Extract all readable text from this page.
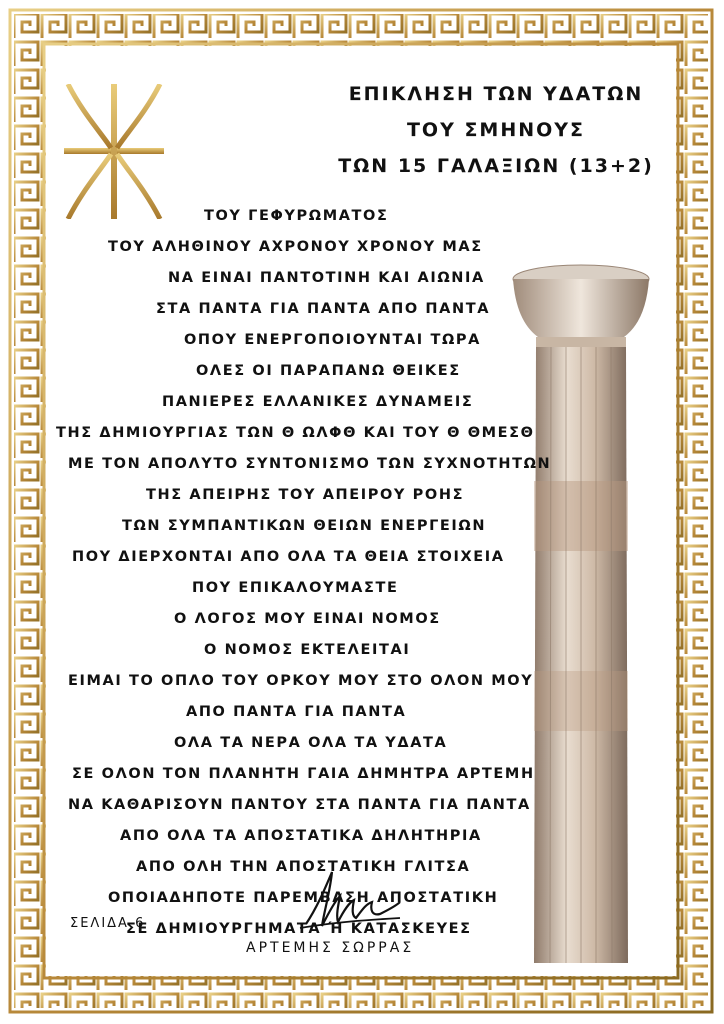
ΕΠΙΚΛΗΣΗ ΤΩΝ ΥΔΑΤΩΝ
ΤΟΥ ΣΜΗΝΟΥΣ
ΤΩΝ 15 ΓΑΛΑΞΙΩΝ (13+2)
ΤΟΥ ΓΕΦΥΡΩΜΑΤΟΣ
ΤΟΥ ΑΛΗΘΙΝΟΥ ΑΧΡΟΝΟΥ ΧΡΟΝΟΥ ΜΑΣ
ΝΑ ΕΙΝΑΙ ΠΑΝΤΟΤΙΝΗ ΚΑΙ ΑΙΩΝΙΑ
ΣΤΑ ΠΑΝΤΑ ΓΙΑ ΠΑΝΤΑ ΑΠΟ ΠΑΝΤΑ
ΟΠΟΥ ΕΝΕΡΓΟΠΟΙΟΥΝΤΑΙ ΤΩΡΑ
ΟΛΕΣ ΟΙ ΠΑΡΑΠΑΝΩ ΘΕΙΚΕΣ
ΠΑΝΙΕΡΕΣ ΕΛΛΑΝΙΚΕΣ ΔΥΝΑΜΕΙΣ
ΤΗΣ ΔΗΜΙΟΥΡΓΙΑΣ ΤΩΝ Θ ΩΛΦΘ ΚΑΙ ΤΟΥ Θ ΘΜΕΣΘ
ΜΕ ΤΟΝ ΑΠΟΛΥΤΟ ΣΥΝΤΟΝΙΣΜΟ ΤΩΝ ΣΥΧΝΟΤΗΤΩΝ
ΤΗΣ ΑΠΕΙΡΗΣ ΤΟΥ ΑΠΕΙΡΟΥ ΡΟΗΣ
ΤΩΝ ΣΥΜΠΑΝΤΙΚΩΝ ΘΕΙΩΝ ΕΝΕΡΓΕΙΩΝ
ΠΟΥ ΔΙΕΡΧΟΝΤΑΙ ΑΠΟ ΟΛΑ ΤΑ ΘΕΙΑ ΣΤΟΙΧΕΙΑ
ΠΟΥ ΕΠΙΚΑΛΟΥΜΑΣΤΕ
Ο ΛΟΓΟΣ ΜΟΥ ΕΙΝΑΙ ΝΟΜΟΣ
Ο ΝΟΜΟΣ ΕΚΤΕΛΕΙΤΑΙ
ΕΙΜΑΙ ΤΟ ΟΠΛΟ ΤΟΥ ΟΡΚΟΥ ΜΟΥ ΣΤΟ ΟΛΟΝ ΜΟΥ
ΑΠΟ ΠΑΝΤΑ ΓΙΑ ΠΑΝΤΑ
ΟΛΑ ΤΑ ΝΕΡΑ ΟΛΑ ΤΑ ΥΔΑΤΑ
ΣΕ ΟΛΟΝ ΤΟΝ ΠΛΑΝΗΤΗ ΓΑΙΑ ΔΗΜΗΤΡΑ ΑΡΤΕΜΗ
ΝΑ ΚΑΘΑΡΙΣΟΥΝ ΠΑΝΤΟΥ ΣΤΑ ΠΑΝΤΑ ΓΙΑ ΠΑΝΤΑ
ΑΠΟ ΟΛΑ ΤΑ ΑΠΟΣΤΑΤΙΚΑ ΔΗΛΗΤΗΡΙΑ
ΑΠΟ ΟΛΗ ΤΗΝ ΑΠΟΣΤΑΤΙΚΗ ΓΛΙΤΣΑ
ΟΠΟΙΑΔΗΠΟΤΕ ΠΑΡΕΜΒΑΣΗ ΑΠΟΣΤΑΤΙΚΗ
ΣΕ ΔΗΜΙΟΥΡΓΗΜΑΤΑ Ή ΚΑΤΑΣΚΕΥΕΣ
ΣΕΛΙΔΑ 6
ΑΡΤΕΜΗΣ ΣΩΡΡΑΣ
